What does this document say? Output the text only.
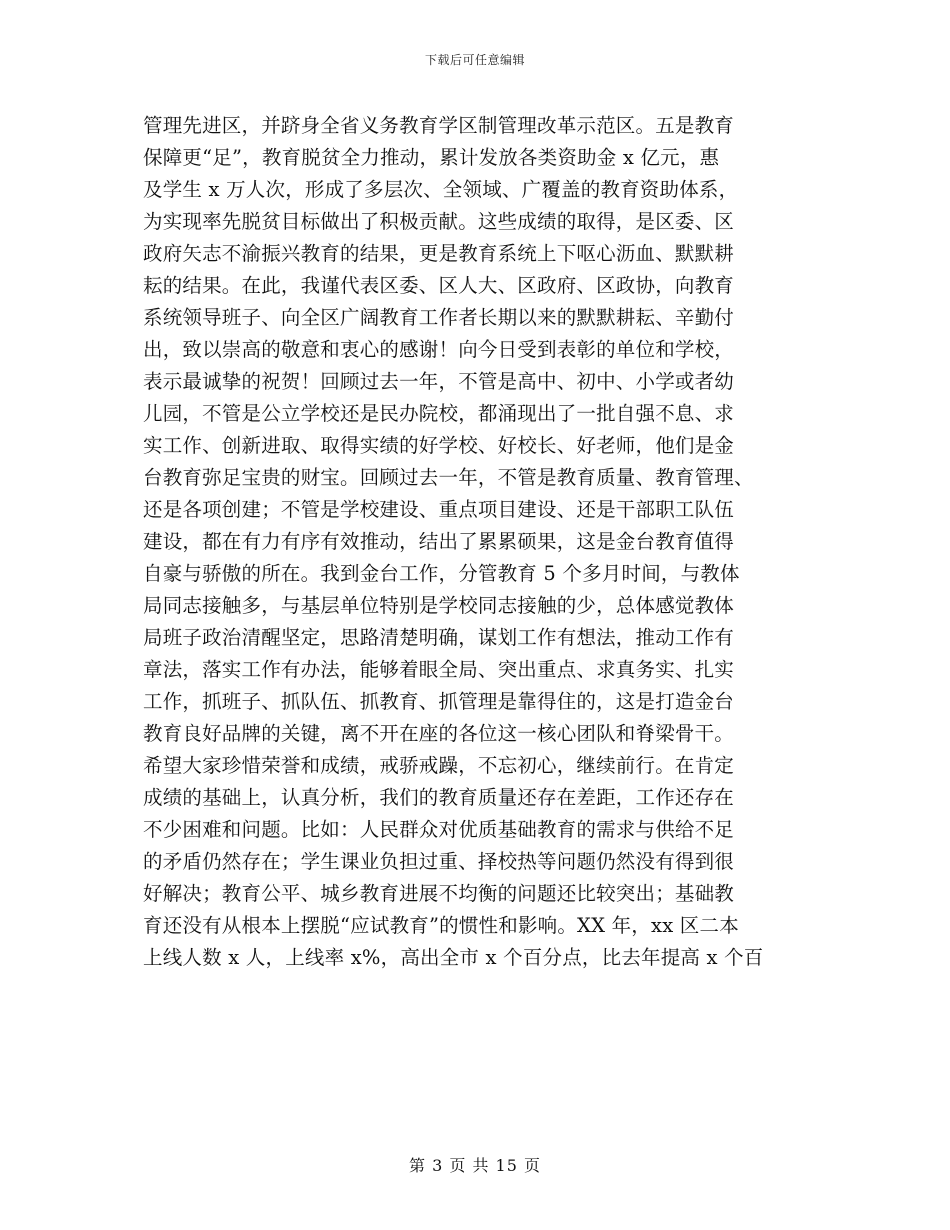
下载后可任意编辑
管理先进区，并跻身全省义务教育学区制管理改革示范区。五是教育
保障更“足”，教育脱贫全力推动，累计发放各类资助金 x 亿元，惠
及学生 x 万人次，形成了多层次、全领域、广覆盖的教育资助体系，
为实现率先脱贫目标做出了积极贡献。这些成绩的取得，是区委、区
政府矢志不渝振兴教育的结果，更是教育系统上下呕心沥血、默默耕
耘的结果。在此，我谨代表区委、区人大、区政府、区政协，向教育
系统领导班子、向全区广阔教育工作者长期以来的默默耕耘、辛勤付
出，致以崇高的敬意和衷心的感谢！向今日受到表彰的单位和学校，
表示最诚挚的祝贺！回顾过去一年，不管是高中、初中、小学或者幼
儿园，不管是公立学校还是民办院校，都涌现出了一批自强不息、求
实工作、创新进取、取得实绩的好学校、好校长、好老师，他们是金
台教育弥足宝贵的财宝。回顾过去一年，不管是教育质量、教育管理、
还是各项创建；不管是学校建设、重点项目建设、还是干部职工队伍
建设，都在有力有序有效推动，结出了累累硕果，这是金台教育值得
自豪与骄傲的所在。我到金台工作，分管教育 5 个多月时间，与教体
局同志接触多，与基层单位特别是学校同志接触的少，总体感觉教体
局班子政治清醒坚定，思路清楚明确，谋划工作有想法，推动工作有
章法，落实工作有办法，能够着眼全局、突出重点、求真务实、扎实
工作，抓班子、抓队伍、抓教育、抓管理是靠得住的，这是打造金台
教育良好品牌的关键，离不开在座的各位这一核心团队和脊梁骨干。
希望大家珍惜荣誉和成绩，戒骄戒躁，不忘初心，继续前行。在肯定
成绩的基础上，认真分析，我们的教育质量还存在差距，工作还存在
不少困难和问题。比如：人民群众对优质基础教育的需求与供给不足
的矛盾仍然存在；学生课业负担过重、择校热等问题仍然没有得到很
好解决；教育公平、城乡教育进展不均衡的问题还比较突出；基础教
育还没有从根本上摆脱“应试教育”的惯性和影响。XX 年，xx 区二本
上线人数 x 人，上线率 x%，高出全市 x 个百分点，比去年提高 x 个百
第 3 页 共 15 页
